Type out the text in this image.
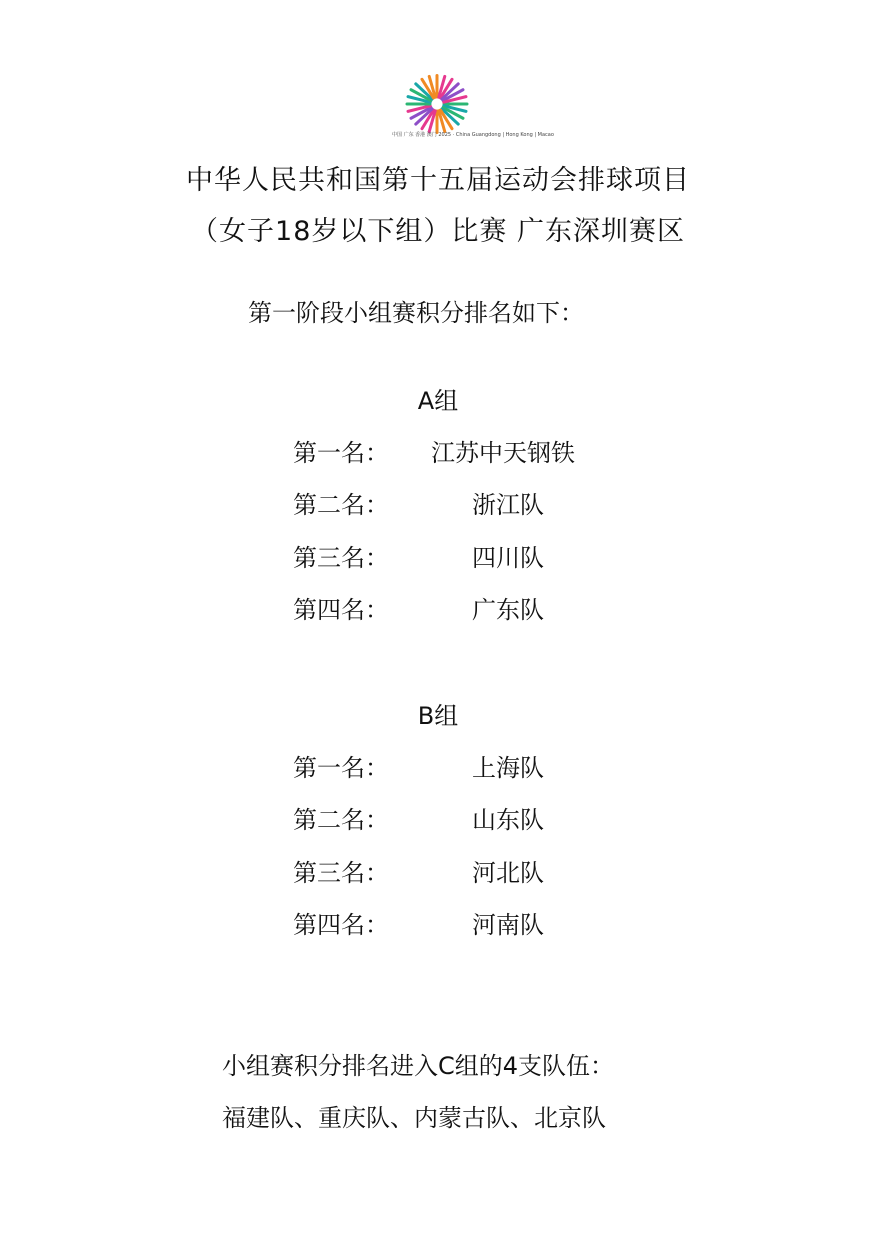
中国 广东 香港 澳门 2025 · China Guangdong | Hong Kong | Macao
中华人民共和国第十五届运动会排球项目
（女子18岁以下组）比赛 广东深圳赛区
第一阶段小组赛积分排名如下：
A组
第一名： 江苏中天钢铁
第二名：	浙江队
第三名：	四川队
第四名：	广东队
B组
第一名：	上海队
第二名：	山东队
第三名：	河北队
第四名：	河南队
小组赛积分排名进入C组的4支队伍：
福建队、重庆队、内蒙古队、北京队
